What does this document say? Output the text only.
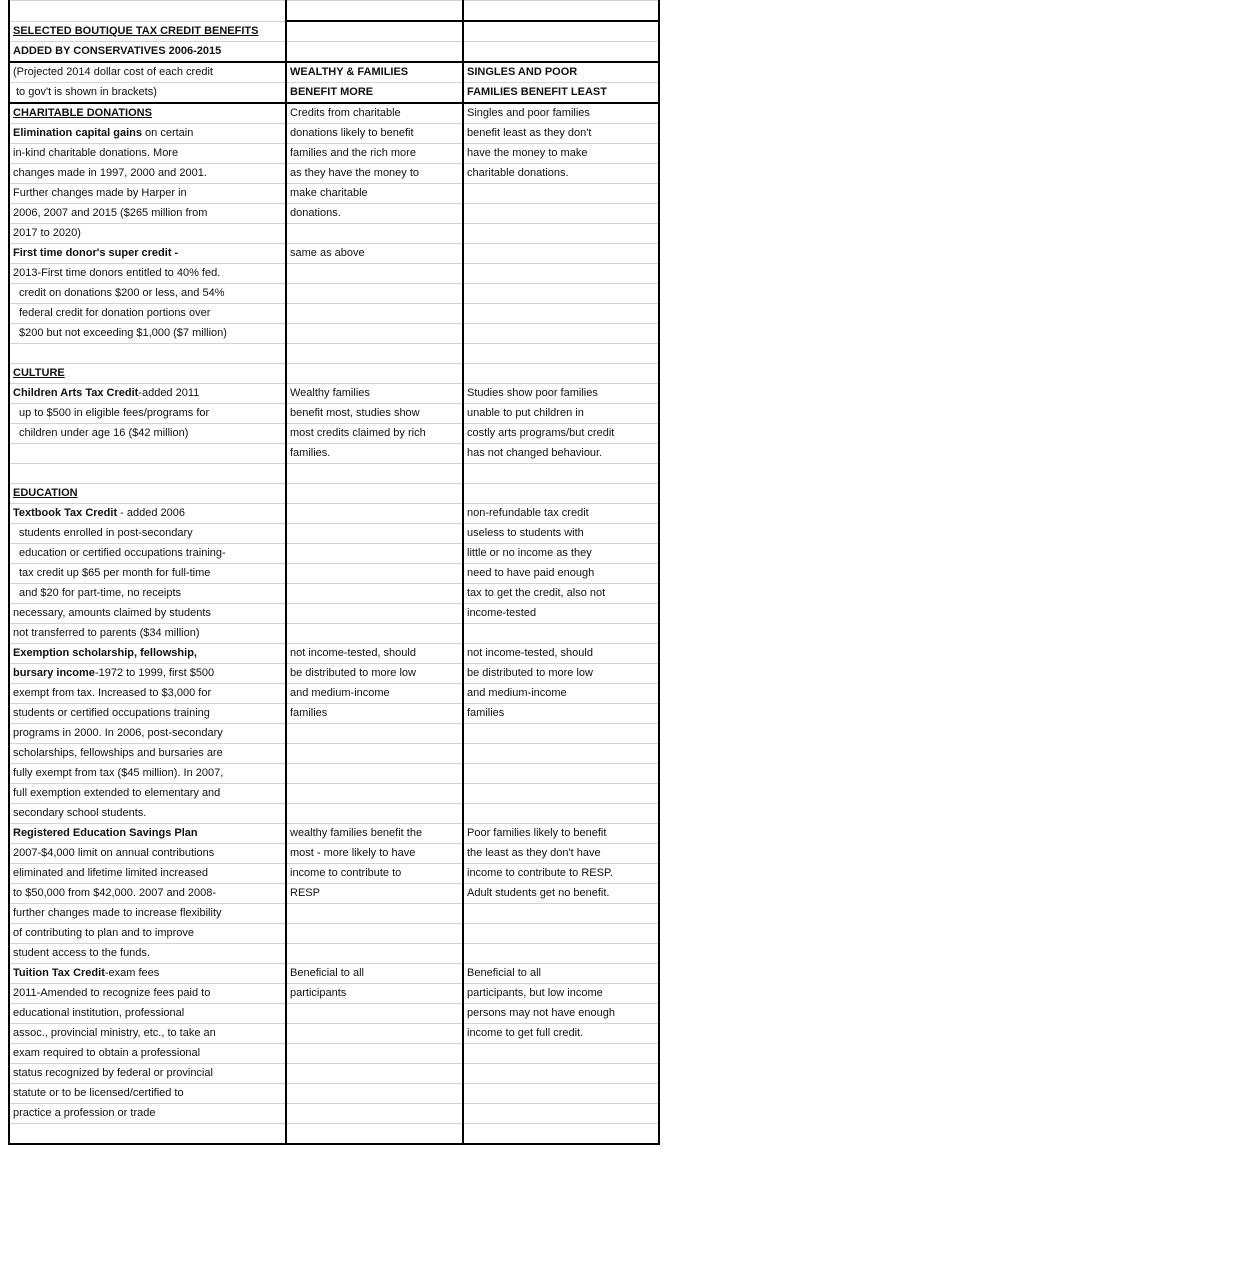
SELECTED BOUTIQUE TAX CREDIT BENEFITS		
ADDED BY CONSERVATIVES 2006-2015		
(Projected 2014 dollar cost of each credit	WEALTHY & FAMILIES	SINGLES AND POOR
to gov't is shown in brackets)	BENEFIT MORE	FAMILIES BENEFIT LEAST
CHARITABLE DONATIONS	Credits from charitable	Singles and poor families
Elimination capital gains on certain	donations likely to benefit	benefit least as they don't
in-kind charitable donations. More	families and the rich more	have the money to make
changes made in 1997, 2000 and 2001.	as they have the money to	charitable donations.
Further changes made by Harper in	make charitable	
2006, 2007 and 2015 ($265 million from	donations.	
2017 to 2020)		
First time donor's super credit -	same as above	
2013-First time donors entitled to 40% fed.		
credit on donations $200 or less, and 54%		
federal credit for donation portions over		
$200 but not exceeding $1,000 ($7 million)		

CULTURE		
Children Arts Tax Credit-added 2011	Wealthy families	Studies show poor families
up to $500 in eligible fees/programs for	benefit most, studies show	unable to put children in
children under age 16 ($42 million)	most credits claimed by rich	costly arts programs/but credit
	families.	has not changed behaviour.

EDUCATION		
Textbook Tax Credit - added 2006		non-refundable tax credit
students enrolled in post-secondary		useless to students with
education or certified occupations training-		little or no income as they
tax credit up $65 per month for full-time		need to have paid enough
and $20 for part-time, no receipts		tax to get the credit, also not
necessary, amounts claimed by students		income-tested
not transferred to parents ($34 million)		
Exemption scholarship, fellowship,	not income-tested, should	not income-tested, should
bursary income-1972 to 1999, first $500	be distributed to more low	be distributed to more low
exempt from tax. Increased to $3,000 for	and medium-income	and medium-income
students or certified occupations training	families	families
programs in 2000. In 2006, post-secondary		
scholarships, fellowships and bursaries are		
fully exempt from tax ($45 million). In 2007,		
full exemption extended to elementary and		
secondary school students.		
Registered Education Savings Plan	wealthy families benefit the	Poor families likely to benefit
2007-$4,000 limit on annual contributions	most - more likely to have	the least as they don't have
eliminated and lifetime limited increased	income to contribute to	income to contribute to RESP.
to $50,000 from $42,000. 2007 and 2008-	RESP	Adult students get no benefit.
further changes made to increase flexibility		
of contributing to plan and to improve		
student access to the funds.		
Tuition Tax Credit-exam fees	Beneficial to all	Beneficial to all
2011-Amended to recognize fees paid to	participants	participants, but low income
educational institution, professional		persons may not have enough
assoc., provincial ministry, etc., to take an		income to get full credit.
exam required to obtain a professional		
status recognized by federal or provincial		
statute or to be licensed/certified to		
practice a profession or trade		
